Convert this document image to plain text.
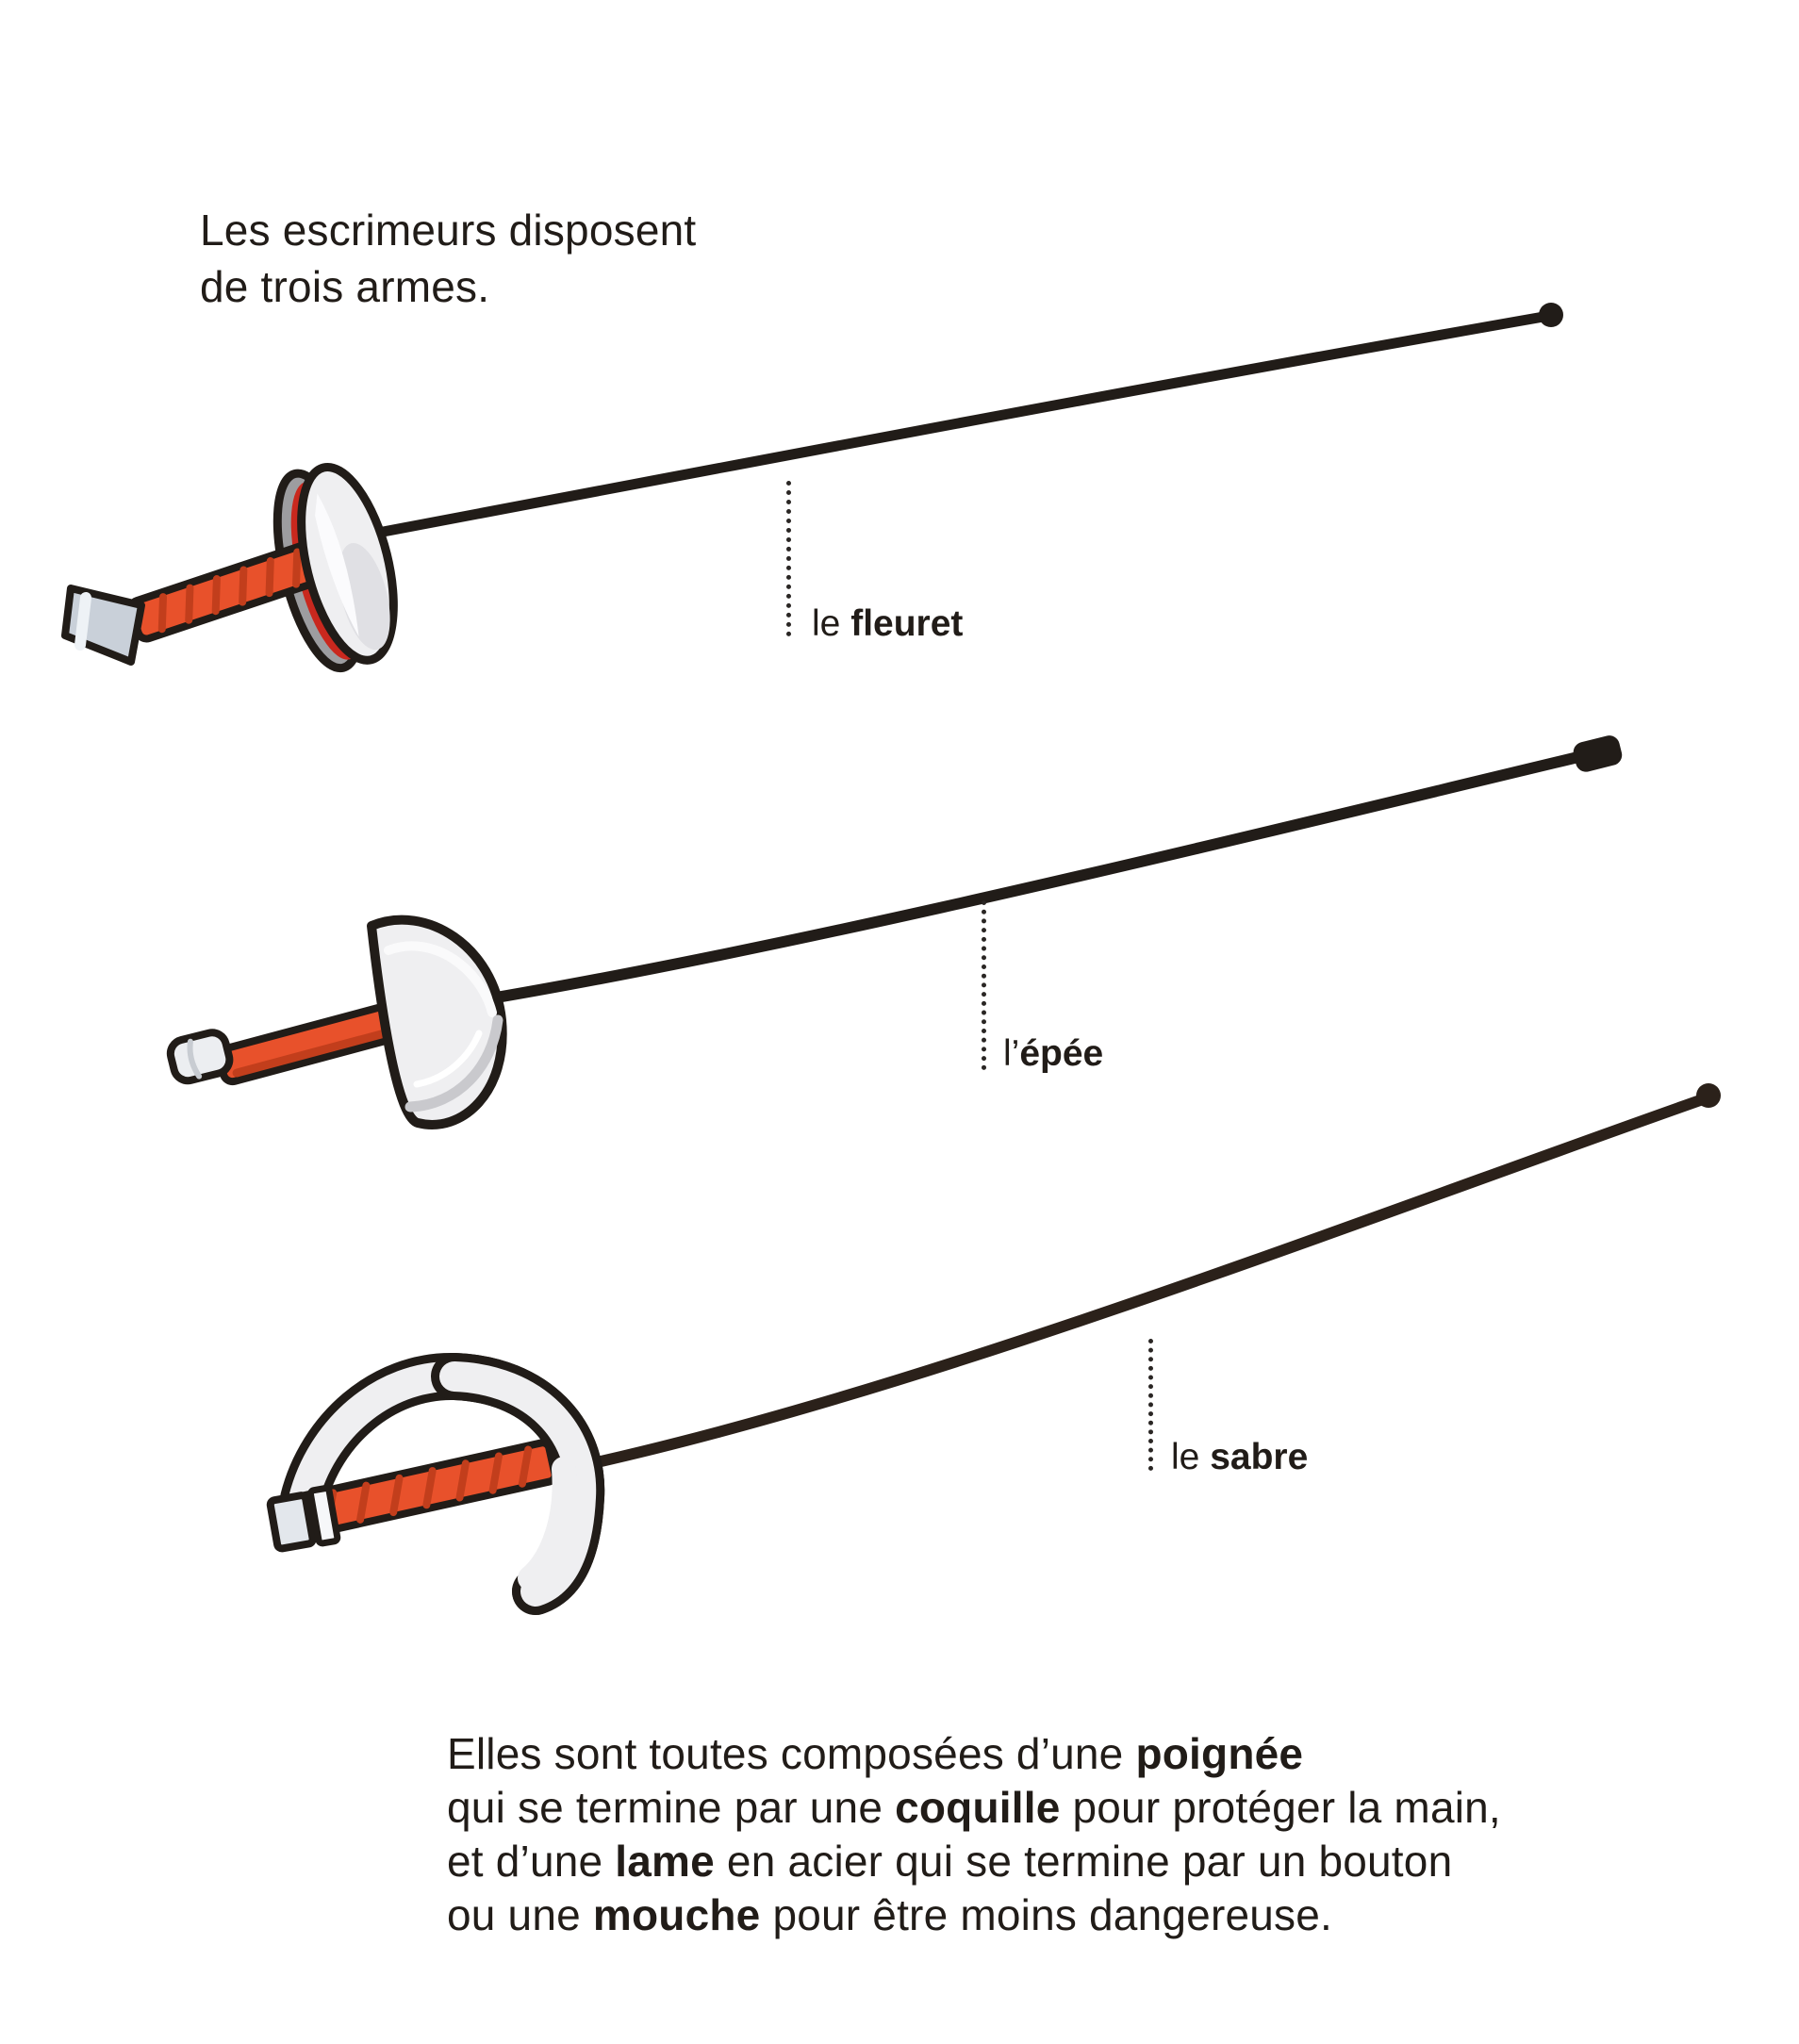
Les escrimeurs disposent
de trois armes.
le fleuret
l’épée
le sabre
Elles sont toutes composées d’une poignée
qui se termine par une coquille pour protéger la main,
et d’une lame en acier qui se termine par un bouton
ou une mouche pour être moins dangereuse.
